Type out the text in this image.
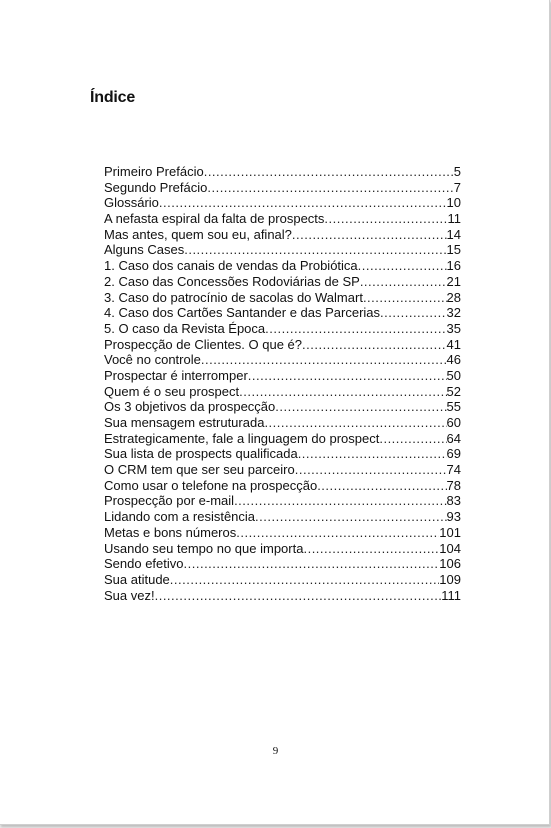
Índice
Primeiro Prefácio .....	5
Segundo Prefácio .....	7
Glossário .....	10
A nefasta espiral da falta de prospects .....	11
Mas antes, quem sou eu, afinal? .....	14
Alguns Cases .....	15
1. Caso dos canais de vendas da Probiótica .....	16
2. Caso das Concessões Rodoviárias de SP .....	21
3. Caso do patrocínio de sacolas do Walmart .....	28
4. Caso dos Cartões Santander e das Parcerias .....	32
5. O caso da Revista Época .....	35
Prospecção de Clientes. O que é? .....	41
Você no controle .....	46
Prospectar é interromper .....	50
Quem é o seu prospect .....	52
Os 3 objetivos da prospecção .....	55
Sua mensagem estruturada .....	60
Estrategicamente, fale a linguagem do prospect .....	64
Sua lista de prospects qualificada .....	69
O CRM tem que ser seu parceiro .....	74
Como usar o telefone na prospecção .....	78
Prospecção por e-mail .....	83
Lidando com a resistência .....	93
Metas e bons números .....	101
Usando seu tempo no que importa .....	104
Sendo efetivo .....	106
Sua atitude .....	109
Sua vez! .....	111
9
